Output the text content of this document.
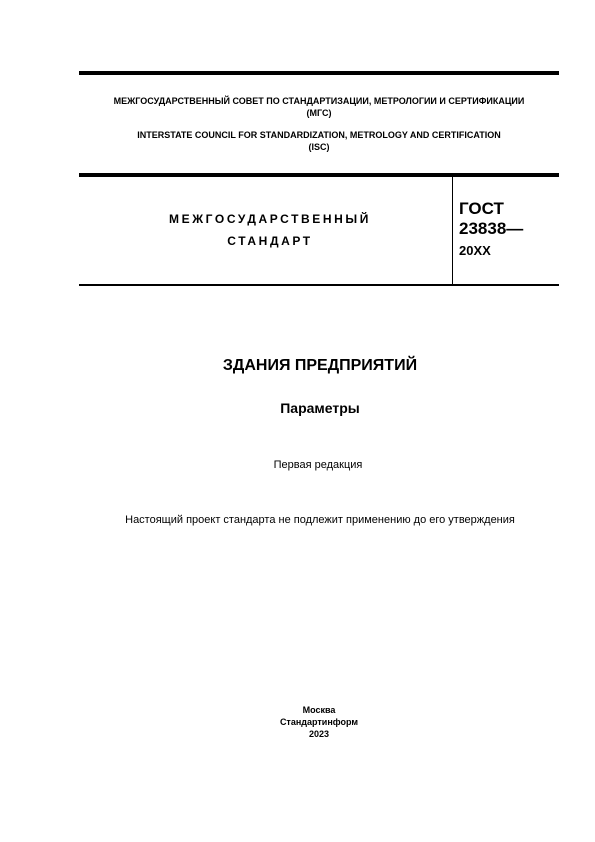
МЕЖГОСУДАРСТВЕННЫЙ СОВЕТ ПО СТАНДАРТИЗАЦИИ, МЕТРОЛОГИИ И СЕРТИФИКАЦИИ
(МГС)
INTERSTATE COUNCIL FOR STANDARDIZATION, METROLOGY AND CERTIFICATION
(ISC)
МЕЖГОСУДАРСТВЕННЫЙ
СТАНДАРТ
ГОСТ
23838—
20XX
ЗДАНИЯ ПРЕДПРИЯТИЙ
Параметры
Первая редакция
Настоящий проект стандарта не подлежит применению до его утверждения
Москва
Стандартинформ
2023
